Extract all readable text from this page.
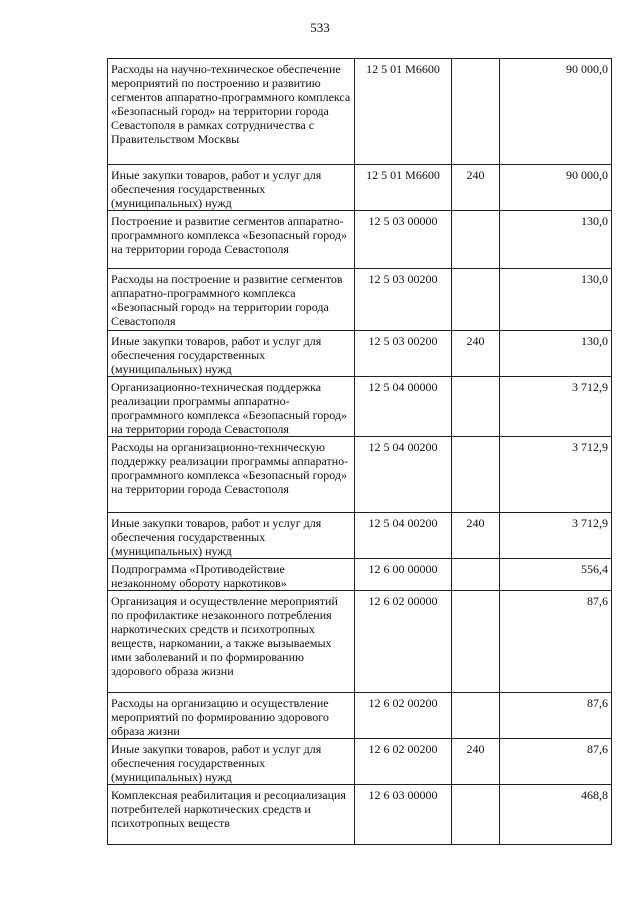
533
Расходы на научно-техническое обеспечение мероприятий по построению и развитию сегментов аппаратно-программного комплекса «Безопасный город» на территории города Севастополя в рамках сотрудничества с Правительством Москвы	12 5 01 М6600		90 000,0
Иные закупки товаров, работ и услуг для обеспечения государственных (муниципальных) нужд	12 5 01 М6600	240	90 000,0
Построение и развитие сегментов аппаратно-программного комплекса «Безопасный город» на территории города Севастополя	12 5 03 00000		130,0
Расходы на построение и развитие сегментов аппаратно-программного комплекса «Безопасный город» на территории города Севастополя	12 5 03 00200		130,0
Иные закупки товаров, работ и услуг для обеспечения государственных (муниципальных) нужд	12 5 03 00200	240	130,0
Организационно-техническая поддержка реализации программы аппаратно-программного комплекса «Безопасный город» на территории города Севастополя	12 5 04 00000		3 712,9
Расходы на организационно-техническую поддержку реализации программы аппаратно-программного комплекса «Безопасный город» на территории города Севастополя	12 5 04 00200		3 712,9
Иные закупки товаров, работ и услуг для обеспечения государственных (муниципальных) нужд	12 5 04 00200	240	3 712,9
Подпрограмма «Противодействие незаконному обороту наркотиков»	12 6 00 00000		556,4
Организация и осуществление мероприятий по профилактике незаконного потребления наркотических средств и психотропных веществ, наркомании, а также вызываемых ими заболеваний и по формированию здорового образа жизни	12 6 02 00000		87,6
Расходы на организацию и осуществление мероприятий по формированию здорового образа жизни	12 6 02 00200		87,6
Иные закупки товаров, работ и услуг для обеспечения государственных (муниципальных) нужд	12 6 02 00200	240	87,6
Комплексная реабилитация и ресоциализация потребителей наркотических средств и психотропных веществ	12 6 03 00000		468,8
